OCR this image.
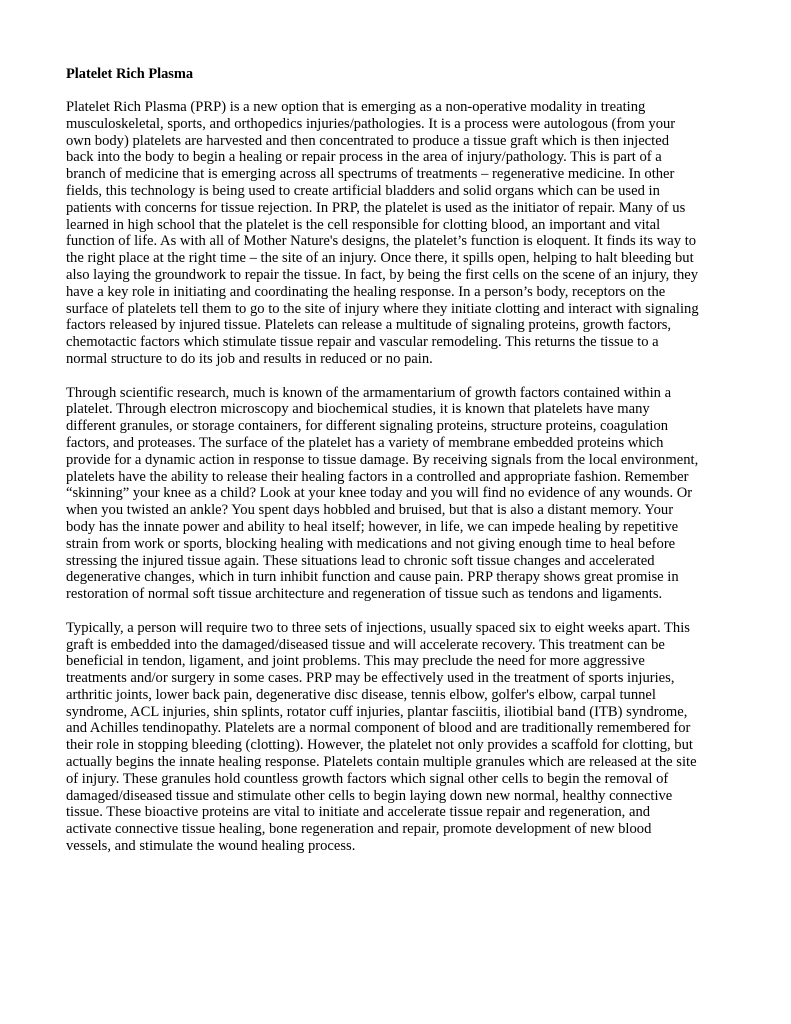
Platelet Rich Plasma
Platelet Rich Plasma (PRP) is a new option that is emerging as a non-operative modality in treating
musculoskeletal, sports, and orthopedics injuries/pathologies. It is a process were autologous (from your
own body) platelets are harvested and then concentrated to produce a tissue graft which is then injected
back into the body to begin a healing or repair process in the area of injury/pathology. This is part of a
branch of medicine that is emerging across all spectrums of treatments – regenerative medicine. In other
fields, this technology is being used to create artificial bladders and solid organs which can be used in
patients with concerns for tissue rejection. In PRP, the platelet is used as the initiator of repair. Many of us
learned in high school that the platelet is the cell responsible for clotting blood, an important and vital
function of life. As with all of Mother Nature's designs, the platelet’s function is eloquent. It finds its way to
the right place at the right time – the site of an injury. Once there, it spills open, helping to halt bleeding but
also laying the groundwork to repair the tissue. In fact, by being the first cells on the scene of an injury, they
have a key role in initiating and coordinating the healing response. In a person’s body, receptors on the
surface of platelets tell them to go to the site of injury where they initiate clotting and interact with signaling
factors released by injured tissue. Platelets can release a multitude of signaling proteins, growth factors,
chemotactic factors which stimulate tissue repair and vascular remodeling. This returns the tissue to a
normal structure to do its job and results in reduced or no pain.
Through scientific research, much is known of the armamentarium of growth factors contained within a
platelet. Through electron microscopy and biochemical studies, it is known that platelets have many
different granules, or storage containers, for different signaling proteins, structure proteins, coagulation
factors, and proteases. The surface of the platelet has a variety of membrane embedded proteins which
provide for a dynamic action in response to tissue damage. By receiving signals from the local environment,
platelets have the ability to release their healing factors in a controlled and appropriate fashion. Remember
“skinning” your knee as a child? Look at your knee today and you will find no evidence of any wounds. Or
when you twisted an ankle? You spent days hobbled and bruised, but that is also a distant memory. Your
body has the innate power and ability to heal itself; however, in life, we can impede healing by repetitive
strain from work or sports, blocking healing with medications and not giving enough time to heal before
stressing the injured tissue again. These situations lead to chronic soft tissue changes and accelerated
degenerative changes, which in turn inhibit function and cause pain. PRP therapy shows great promise in
restoration of normal soft tissue architecture and regeneration of tissue such as tendons and ligaments.
Typically, a person will require two to three sets of injections, usually spaced six to eight weeks apart. This
graft is embedded into the damaged/diseased tissue and will accelerate recovery. This treatment can be
beneficial in tendon, ligament, and joint problems. This may preclude the need for more aggressive
treatments and/or surgery in some cases. PRP may be effectively used in the treatment of sports injuries,
arthritic joints, lower back pain, degenerative disc disease, tennis elbow, golfer's elbow, carpal tunnel
syndrome, ACL injuries, shin splints, rotator cuff injuries, plantar fasciitis, iliotibial band (ITB) syndrome,
and Achilles tendinopathy. Platelets are a normal component of blood and are traditionally remembered for
their role in stopping bleeding (clotting). However, the platelet not only provides a scaffold for clotting, but
actually begins the innate healing response. Platelets contain multiple granules which are released at the site
of injury. These granules hold countless growth factors which signal other cells to begin the removal of
damaged/diseased tissue and stimulate other cells to begin laying down new normal, healthy connective
tissue. These bioactive proteins are vital to initiate and accelerate tissue repair and regeneration, and
activate connective tissue healing, bone regeneration and repair, promote development of new blood
vessels, and stimulate the wound healing process.
